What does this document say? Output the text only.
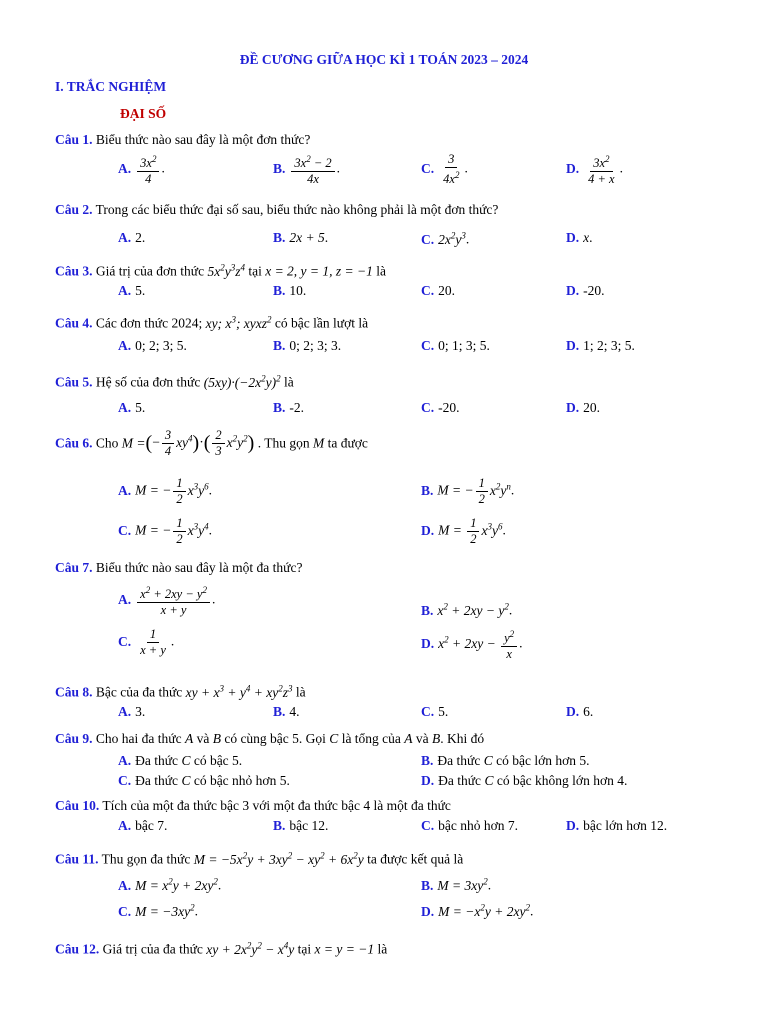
ĐỀ CƯƠNG GIỮA HỌC KÌ 1 TOÁN 2023 – 2024
I. TRẮC NGHIỆM
ĐẠI SỐ
Câu 1. Biểu thức nào sau đây là một đơn thức?
A. $\frac{3x^2}{4}$ .	B. $\frac{3x^2 - 2}{4x}$ .	C. $\frac{3}{4x^2}$ .	D. $\frac{3x^2}{4 + x}$ .
Câu 2. Trong các biểu thức đại số sau, biểu thức nào không phải là một đơn thức?
A. 2.	B. 2x + 5.	C. $2x^2y^3$.	D. x.
Câu 3. Giá trị của đơn thức $5x^2y^3z^4$ tại x = 2, y = 1, z = −1 là
A. 5.	B. 10.	C. 20.	D. -20.
Câu 4. Các đơn thức 2024; xy; $x^3$; xyxz$^2$ có bậc lần lượt là
A. 0; 2; 3; 5.	B. 0; 2; 3; 3.	C. 0; 1; 3; 5.	D. 1; 2; 3; 5.
Câu 5. Hệ số của đơn thức $(5xy)\cdot(-2x^2y)^2$ là
A. 5.	B. -2.	C. -20.	D. 20.
Câu 6. Cho M =(− $\frac{3}{4} xy^4)\cdot( \frac{2}{3} x^2y^2)$ . Thu gọn M ta được
A. M = − $\frac{1}{2} x^3y^6$.	B. M = − $\frac{1}{2} x^2y^n$.
C. M = − $\frac{1}{2} x^3y^4$.	D. $M = \frac{1}{2} x^3y^6$.
Câu 7. Biểu thức nào sau đây là một đa thức?
A. $\frac{x^2 + 2xy - y^2}{x + y}$ .
B. $x^2 + 2xy - y^2$.
C. $\frac{1}{x + y}$ .	D. $x^2 + 2xy - \frac{y^2}{x}$ .
Câu 8. Bậc của đa thức xy + $x^3 + y^4 + xy^2z^3$ là
A. 3.	B. 4.	C. 5.	D. 6.
Câu 9. Cho hai đa thức A và B có cùng bậc 5. Gọi C là tổng của A và B. Khi đó
A. Đa thức C có bậc 5.	B. Đa thức C có bậc lớn hơn 5.
C. Đa thức C có bậc nhỏ hơn 5.	D. Đa thức C có bậc không lớn hơn 4.
Câu 10. Tích của một đa thức bậc 3 với một đa thức bậc 4 là một đa thức
A. bậc 7.	B. bậc 12.	C. bậc nhỏ hơn 7.	D. bậc lớn hơn 12.
Câu 11. Thu gọn đa thức $M = -5x^2y + 3xy^2 - xy^2 + 6x^2y$ ta được kết quả là
A. $M = x^2y + 2xy^2$.	B. $M = 3xy^2$.
C. $M = -3xy^2$.	D. $M = -x^2y + 2xy^2$.
Câu 12. Giá trị của đa thức xy + $2x^2y^2 - x^4y$ tại x = y = −1 là
